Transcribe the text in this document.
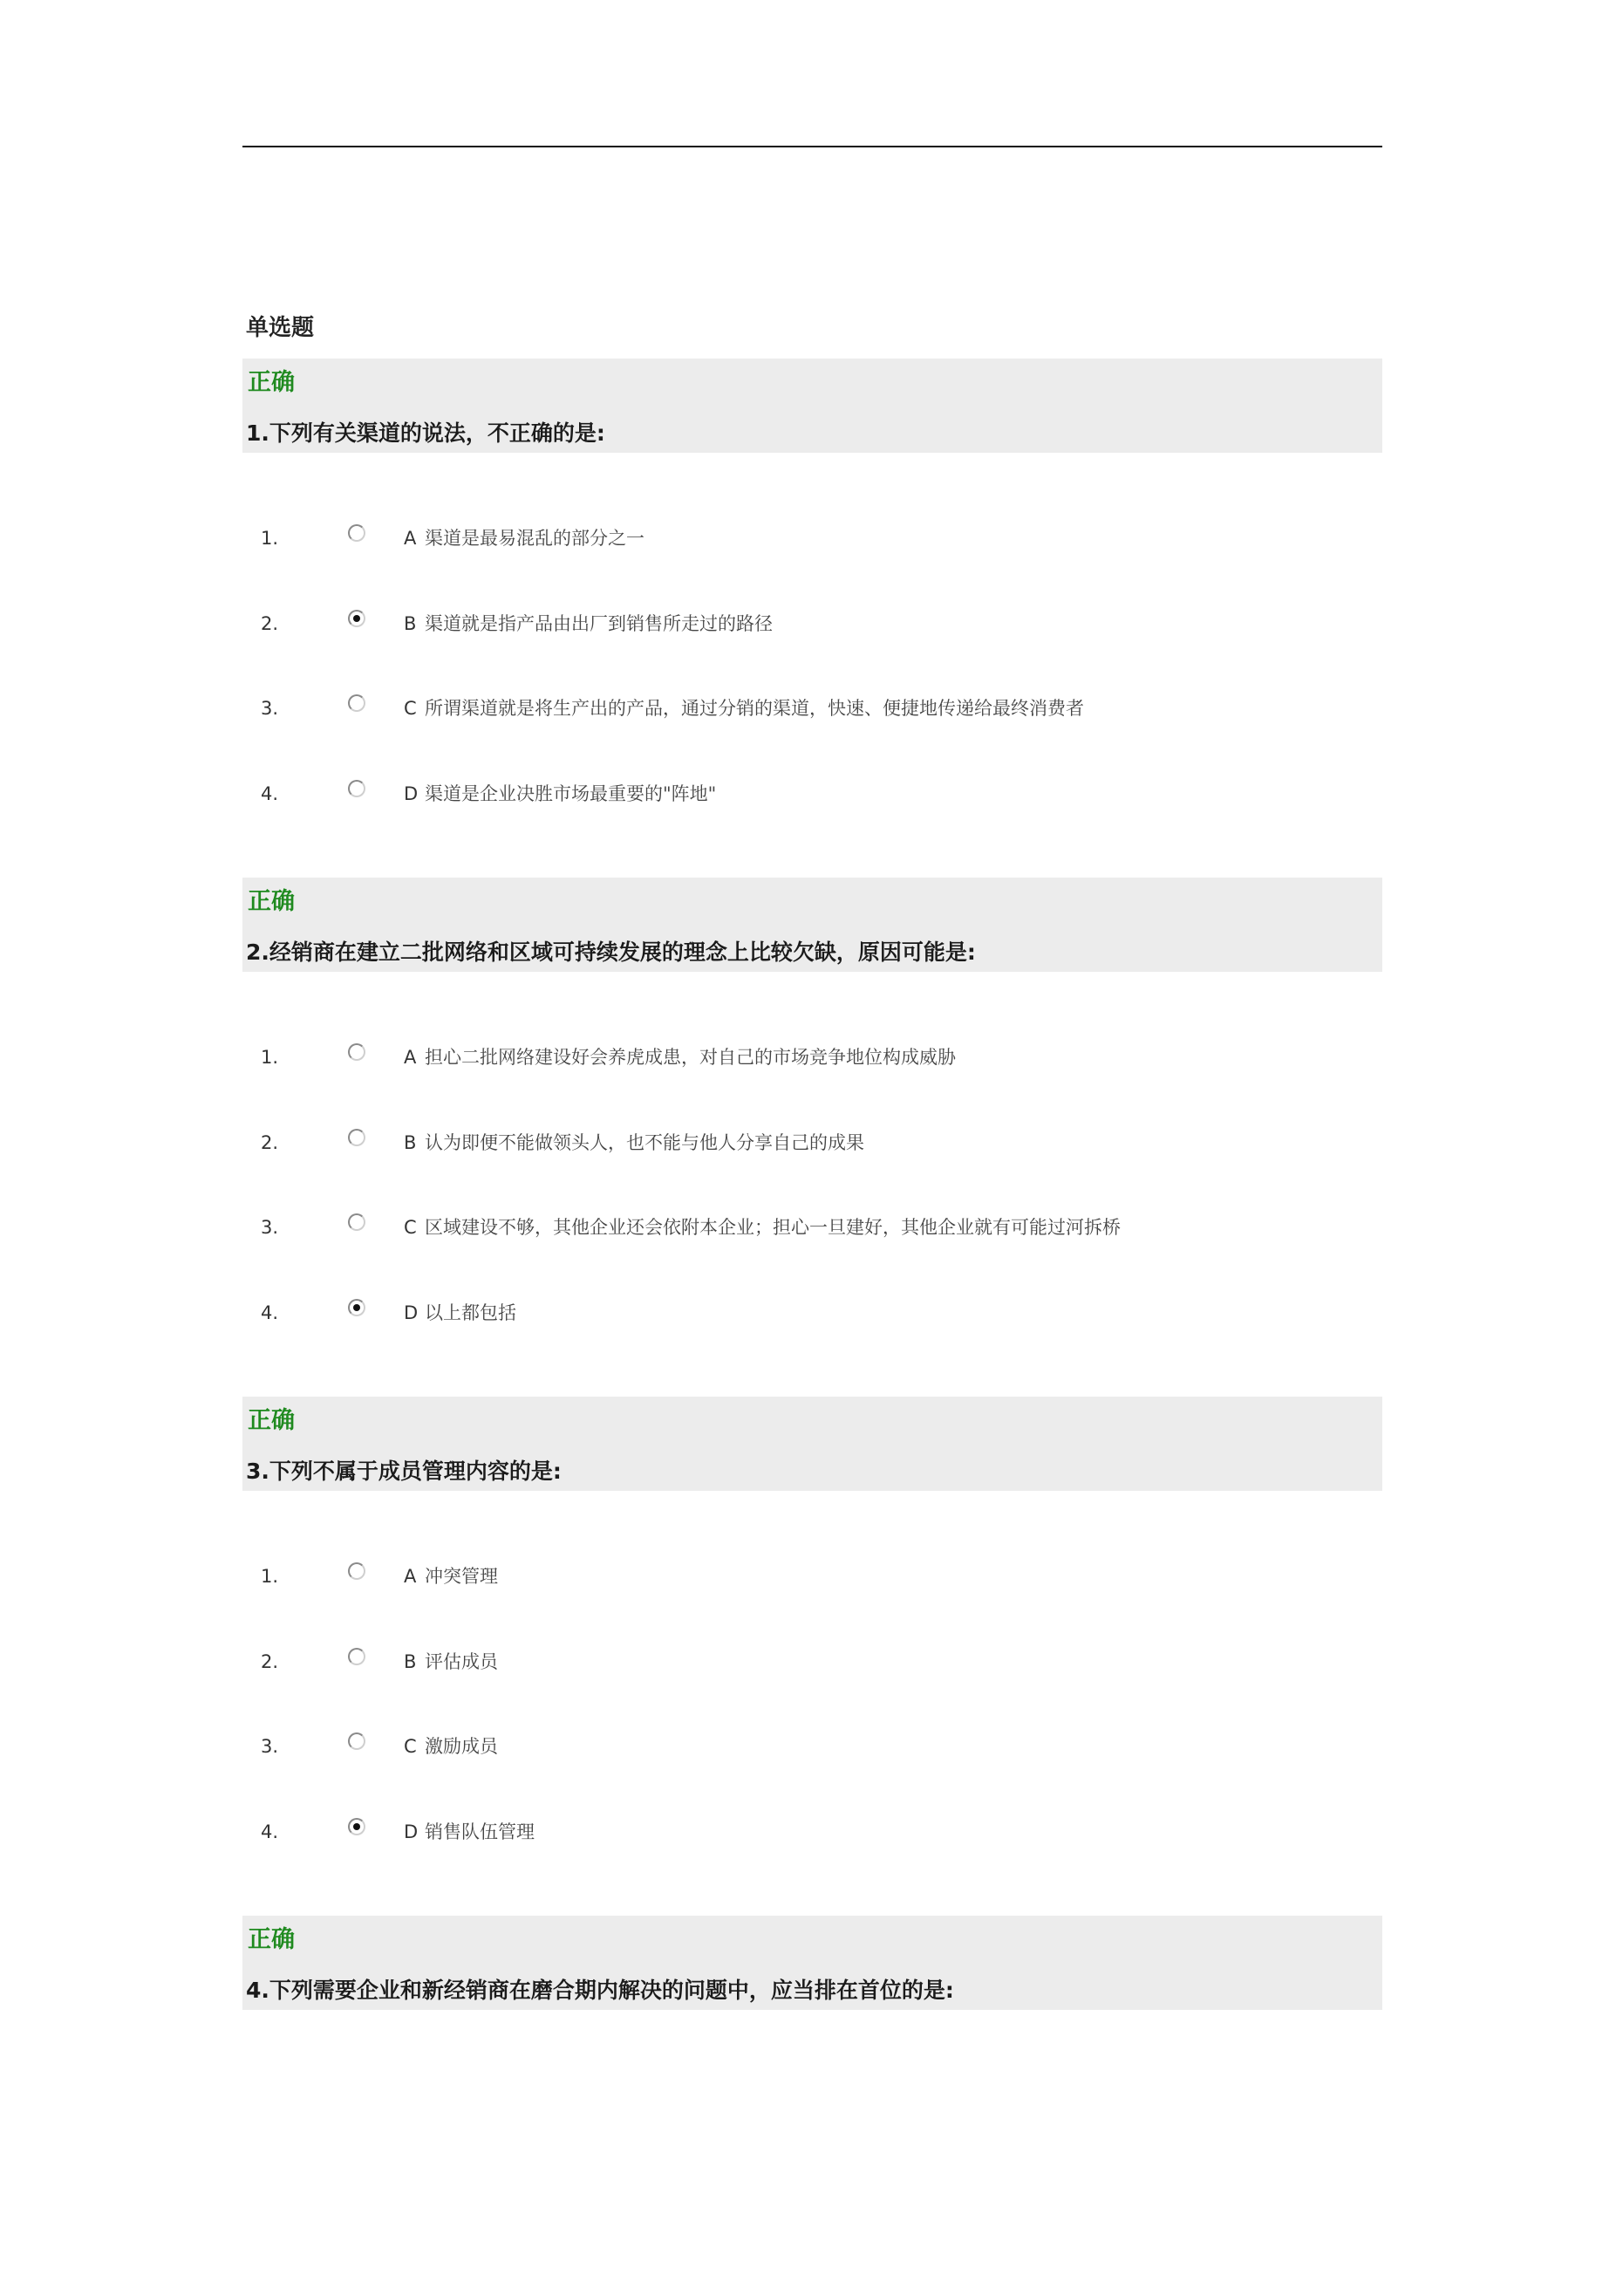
单选题
正确
1.下列有关渠道的说法，不正确的是:
1.	A 渠道是最易混乱的部分之一
2.	B 渠道就是指产品由出厂到销售所走过的路径
3.	C 所谓渠道就是将生产出的产品，通过分销的渠道，快速、便捷地传递给最终消费者
4.	D 渠道是企业决胜市场最重要的"阵地"
正确
2.经销商在建立二批网络和区域可持续发展的理念上比较欠缺，原因可能是:
1.	A 担心二批网络建设好会养虎成患，对自己的市场竞争地位构成威胁
2.	B 认为即便不能做领头人，也不能与他人分享自己的成果
3.	C 区域建设不够，其他企业还会依附本企业；担心一旦建好，其他企业就有可能过河拆桥
4.	D 以上都包括
正确
3.下列不属于成员管理内容的是:
1.	A 冲突管理
2.	B 评估成员
3.	C 激励成员
4.	D 销售队伍管理
正确
4.下列需要企业和新经销商在磨合期内解决的问题中，应当排在首位的是:
